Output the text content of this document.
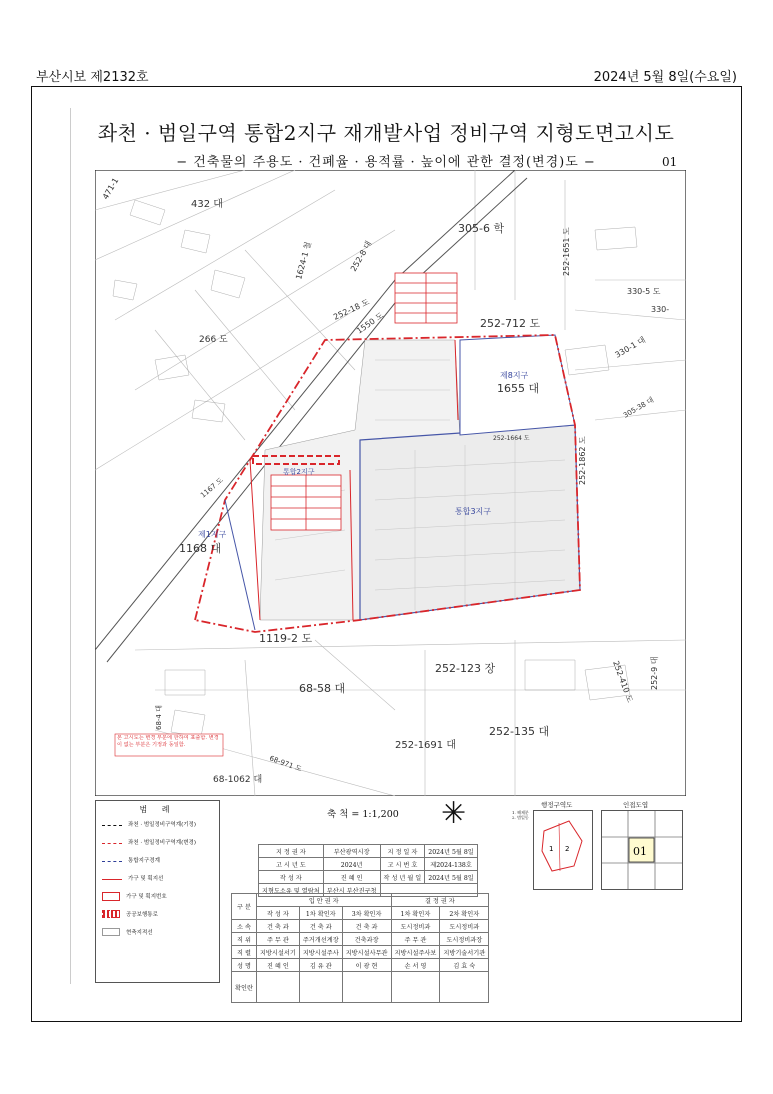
부산시보 제2132호	2024년 5월 8일(수요일)
좌천 · 범일구역 통합2지구 재개발사업 정비구역 지형도면고시도
− 건축물의 주용도 · 건폐율 · 용적률 · 높이에 관한 결정(변경)도 −	01
432 대
305-6 학
252-712 도
266 도
1655 대
1168 대
1119-2 도
252-123 장
68-58 대
252-1691 대
252-135 대
68-1062 대
330-5 도
330-
330-1 대
471-1
1624-1 철	252-8 대
1550 도
252-18 도
252-1664 도	252-1862 도
1167 도
305-38 대
252-1651 도
252-410 도 252-9 대
68-971 도
68-4 대
제8지구
통합2지구
통합3지구
제1지구
본 고시도는 변경 부분에 한하여 표출함. 변경이 없는 부분은 기정과 동일함.
범 례
좌천 · 범일정비구역계(기정)
좌천 · 범일정비구역계(변경)
통합지구경계
가구 및 획지선
가구 및 획지번호
공공보행통로
현축지적선
축 척 = 1:1,200 ✳
지 정 권 자	부산광역시장	지 정 일 자	2024년 5월 8일
고 시 년 도	2024년	고 시 번 호	제2024-138호
작 성 자	진 혜 인	작 성 년 월 일	2024년 5월 8일
지형도소유 및 열람처	부산시 부산진구청		
구 분	입 안 권 자			결 정 권 자	
	작 성 자	1차 확인자	3차 확인자	1차 확인자	2차 확인자
소 속	건 축 과	건 축 과	건 축 과	도시정비과	도시정비과
직 위	주 무 관	주거개선계장	건축과장	주 무 관	도시정비과장
직 렬	지방시설서기	지방시설주사	지방시설사무관	지방시설주사보	지방기술서기관
성 명	진 혜 인	김 유 관	이 광 현	손 서 영	김 효 숙
확인란					
행정구역도
1. 해제분
2. 범일동
1 2
인접도엽
01
